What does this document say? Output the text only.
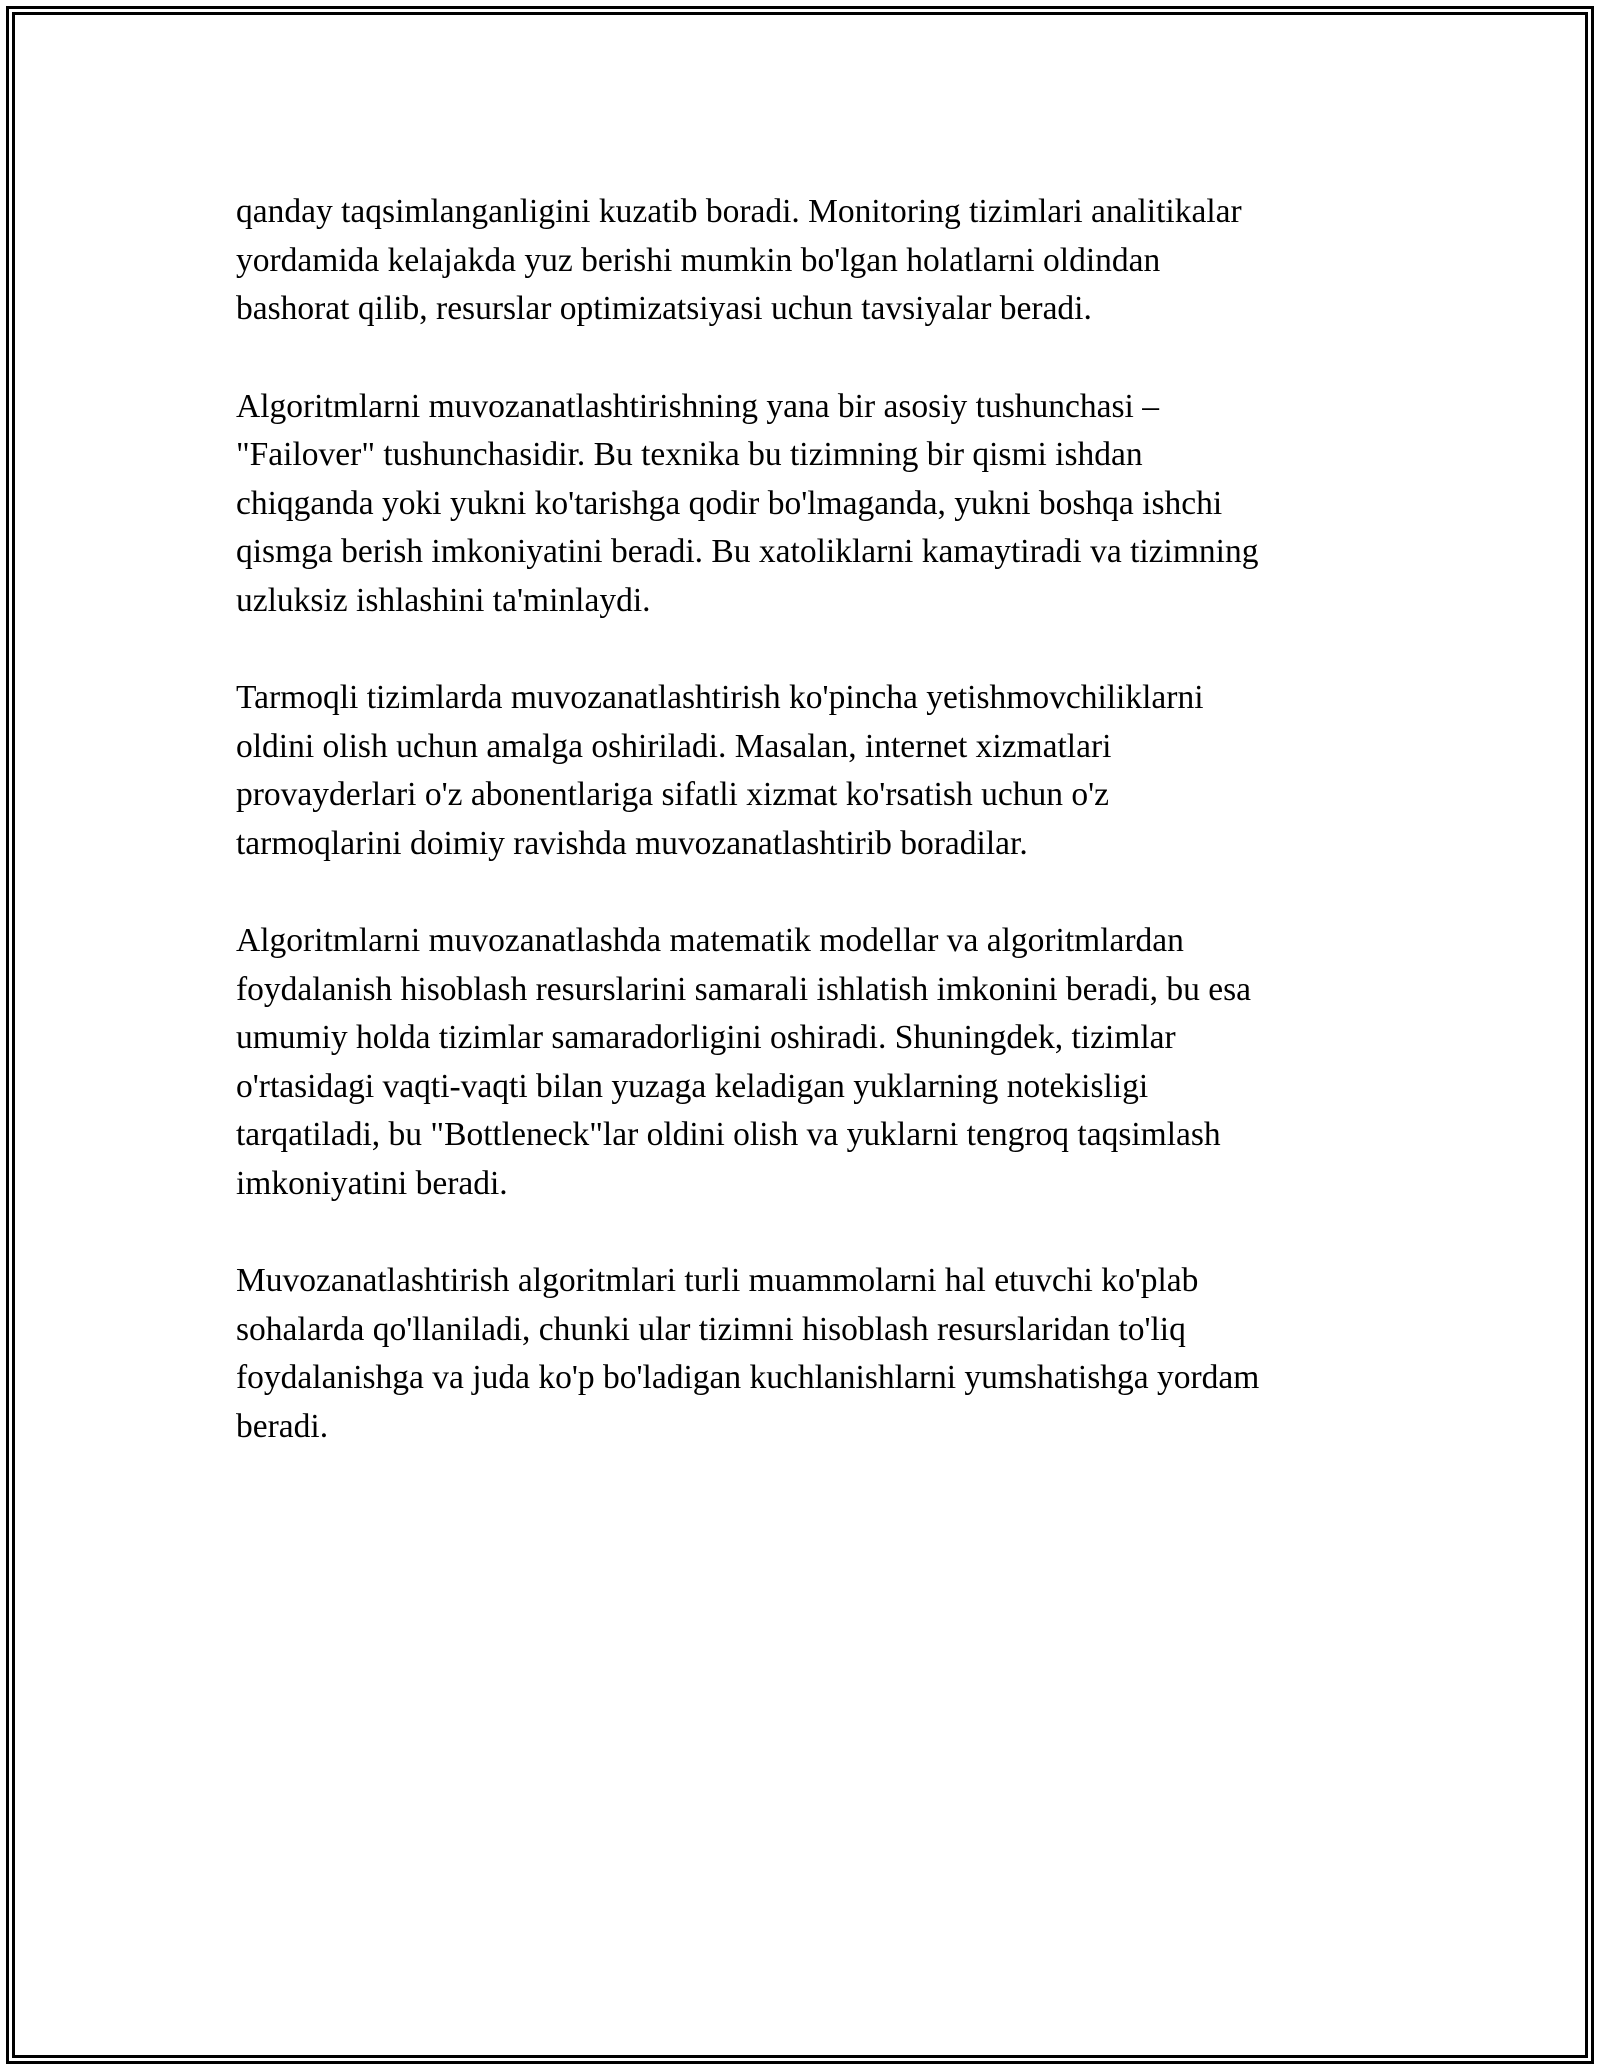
qanday taqsimlanganligini kuzatib boradi. Monitoring tizimlari analitikalar
yordamida kelajakda yuz berishi mumkin bo'lgan holatlarni oldindan
bashorat qilib, resurslar optimizatsiyasi uchun tavsiyalar beradi.

Algoritmlarni muvozanatlashtirishning yana bir asosiy tushunchasi –
"Failover" tushunchasidir. Bu texnika bu tizimning bir qismi ishdan
chiqganda yoki yukni ko'tarishga qodir bo'lmaganda, yukni boshqa ishchi
qismga berish imkoniyatini beradi. Bu xatoliklarni kamaytiradi va tizimning
uzluksiz ishlashini ta'minlaydi.

Tarmoqli tizimlarda muvozanatlashtirish ko'pincha yetishmovchiliklarni
oldini olish uchun amalga oshiriladi. Masalan, internet xizmatlari
provayderlari o'z abonentlariga sifatli xizmat ko'rsatish uchun o'z
tarmoqlarini doimiy ravishda muvozanatlashtirib boradilar.

Algoritmlarni muvozanatlashda matematik modellar va algoritmlardan
foydalanish hisoblash resurslarini samarali ishlatish imkonini beradi, bu esa
umumiy holda tizimlar samaradorligini oshiradi. Shuningdek, tizimlar
o'rtasidagi vaqti-vaqti bilan yuzaga keladigan yuklarning notekisligi
tarqatiladi, bu "Bottleneck"lar oldini olish va yuklarni tengroq taqsimlash
imkoniyatini beradi.

Muvozanatlashtirish algoritmlari turli muammolarni hal etuvchi ko'plab
sohalarda qo'llaniladi, chunki ular tizimni hisoblash resurslaridan to'liq
foydalanishga va juda ko'p bo'ladigan kuchlanishlarni yumshatishga yordam
beradi.
